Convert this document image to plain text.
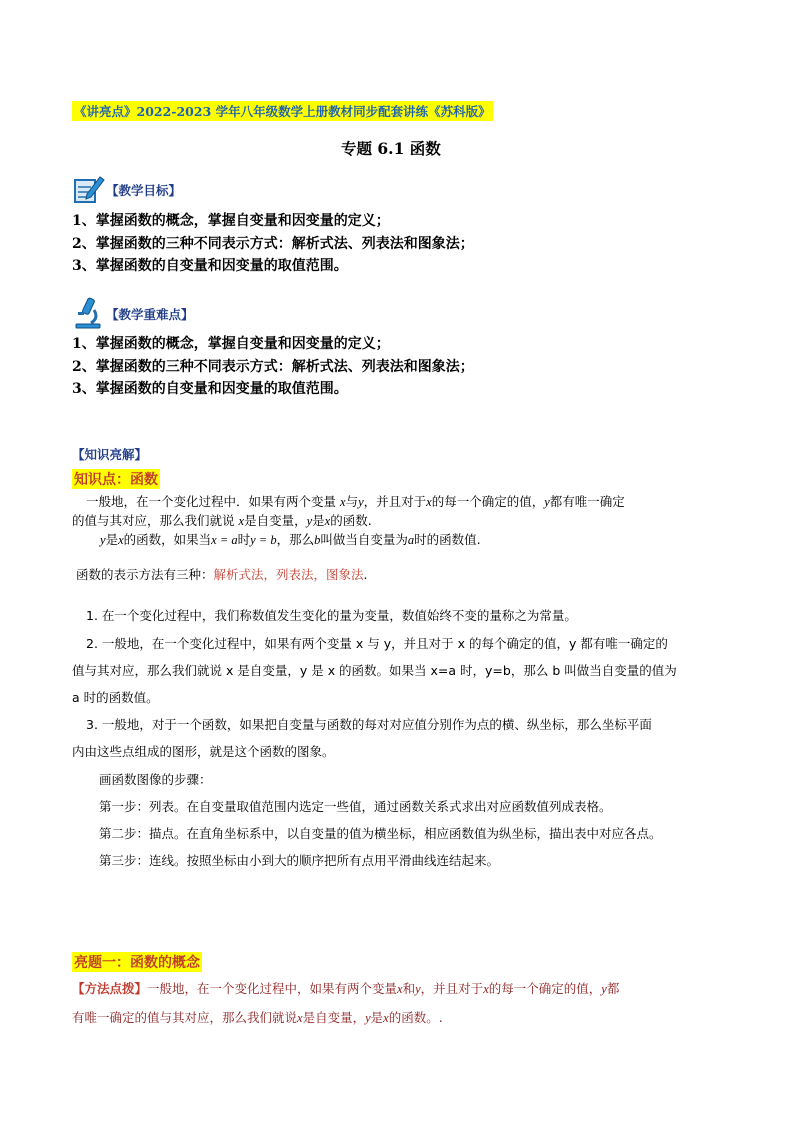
《讲亮点》2022-2023 学年八年级数学上册教材同步配套讲练《苏科版》
专题 6.1 函数
【教学目标】
1、掌握函数的概念，掌握自变量和因变量的定义；
2、掌握函数的三种不同表示方式：解析式法、列表法和图象法；
3、掌握函数的自变量和因变量的取值范围。
【教学重难点】
1、掌握函数的概念，掌握自变量和因变量的定义；
2、掌握函数的三种不同表示方式：解析式法、列表法和图象法；
3、掌握函数的自变量和因变量的取值范围。
【知识亮解】
知识点：函数
一般地，在一个变化过程中．如果有两个变量 x与y，并且对于x的每一个确定的值，y都有唯一确定
的值与其对应，那么我们就说 x是自变量，y是x的函数.
y是x的函数，如果当x = a时y = b，那么b叫做当自变量为a时的函数值.
函数的表示方法有三种：解析式法，列表法，图象法.
1. 在一个变化过程中，我们称数值发生变化的量为变量，数值始终不变的量称之为常量。
2. 一般地，在一个变化过程中，如果有两个变量 x 与 y，并且对于 x 的每个确定的值，y 都有唯一确定的
值与其对应，那么我们就说 x 是自变量，y 是 x 的函数。如果当 x=a 时，y=b，那么 b 叫做当自变量的值为
a 时的函数值。
3. 一般地，对于一个函数，如果把自变量与函数的每对对应值分别作为点的横、纵坐标，那么坐标平面
内由这些点组成的图形，就是这个函数的图象。
画函数图像的步骤：
第一步：列表。在自变量取值范围内选定一些值，通过函数关系式求出对应函数值列成表格。
第二步：描点。在直角坐标系中，以自变量的值为横坐标，相应函数值为纵坐标，描出表中对应各点。
第三步：连线。按照坐标由小到大的顺序把所有点用平滑曲线连结起来。
亮题一：函数的概念
【方法点拨】一般地，在一个变化过程中，如果有两个变量x和y，并且对于x的每一个确定的值，y都
有唯一确定的值与其对应，那么我们就说x是自变量，y是x的函数。.
